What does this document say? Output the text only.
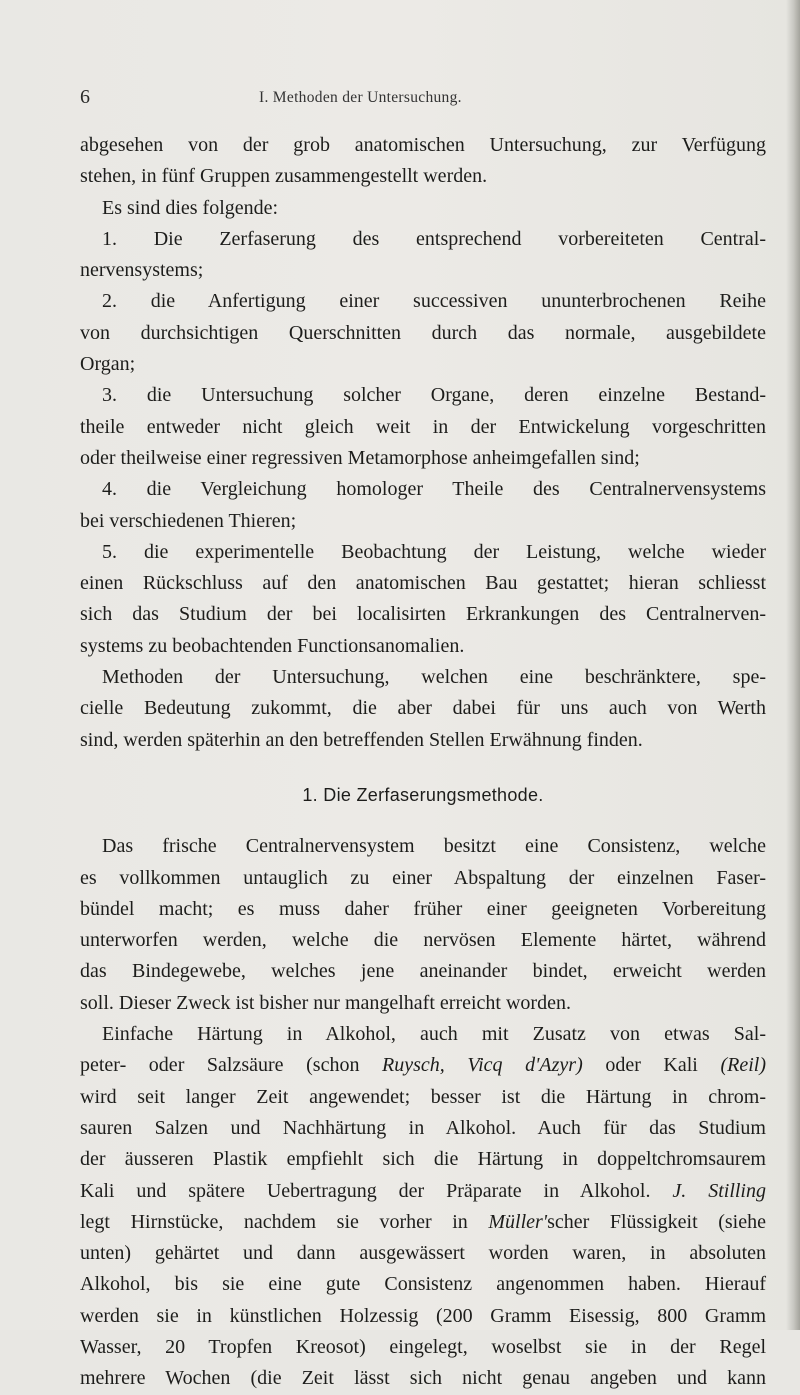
6	I. Methoden der Untersuchung.

abgesehen von der grob anatomischen Untersuchung, zur Verfügung

stehen, in fünf Gruppen zusammengestellt werden.

Es sind dies folgende:

1. Die Zerfaserung des entsprechend vorbereiteten Central-

nervensystems;

2. die Anfertigung einer successiven ununterbrochenen Reihe

von durchsichtigen Querschnitten durch das normale, ausgebildete

Organ;

3. die Untersuchung solcher Organe, deren einzelne Bestand-

theile entweder nicht gleich weit in der Entwickelung vorgeschritten

oder theilweise einer regressiven Metamorphose anheimgefallen sind;

4. die Vergleichung homologer Theile des Centralnervensystems

bei verschiedenen Thieren;

5. die experimentelle Beobachtung der Leistung, welche wieder

einen Rückschluss auf den anatomischen Bau gestattet; hieran schliesst

sich das Studium der bei localisirten Erkrankungen des Centralnerven-

systems zu beobachtenden Functionsanomalien.

Methoden der Untersuchung, welchen eine beschränktere, spe-

cielle Bedeutung zukommt, die aber dabei für uns auch von Werth

sind, werden späterhin an den betreffenden Stellen Erwähnung finden.

1. Die Zerfaserungsmethode.

Das frische Centralnervensystem besitzt eine Consistenz, welche

es vollkommen untauglich zu einer Abspaltung der einzelnen Faser-

bündel macht; es muss daher früher einer geeigneten Vorbereitung

unterworfen werden, welche die nervösen Elemente härtet, während

das Bindegewebe, welches jene aneinander bindet, erweicht werden

soll. Dieser Zweck ist bisher nur mangelhaft erreicht worden.

Einfache Härtung in Alkohol, auch mit Zusatz von etwas Sal-

peter- oder Salzsäure (schon Ruysch, Vicq d'Azyr) oder Kali (Reil)

wird seit langer Zeit angewendet; besser ist die Härtung in chrom-

sauren Salzen und Nachhärtung in Alkohol. Auch für das Studium

der äusseren Plastik empfiehlt sich die Härtung in doppeltchromsaurem

Kali und spätere Uebertragung der Präparate in Alkohol. J. Stilling

legt Hirnstücke, nachdem sie vorher in Müller'scher Flüssigkeit (siehe

unten) gehärtet und dann ausgewässert worden waren, in absoluten

Alkohol, bis sie eine gute Consistenz angenommen haben. Hierauf

werden sie in künstlichen Holzessig (200 Gramm Eisessig, 800 Gramm

Wasser, 20 Tropfen Kreosot) eingelegt, woselbst sie in der Regel

mehrere Wochen (die Zeit lässt sich nicht genau angeben und kann
